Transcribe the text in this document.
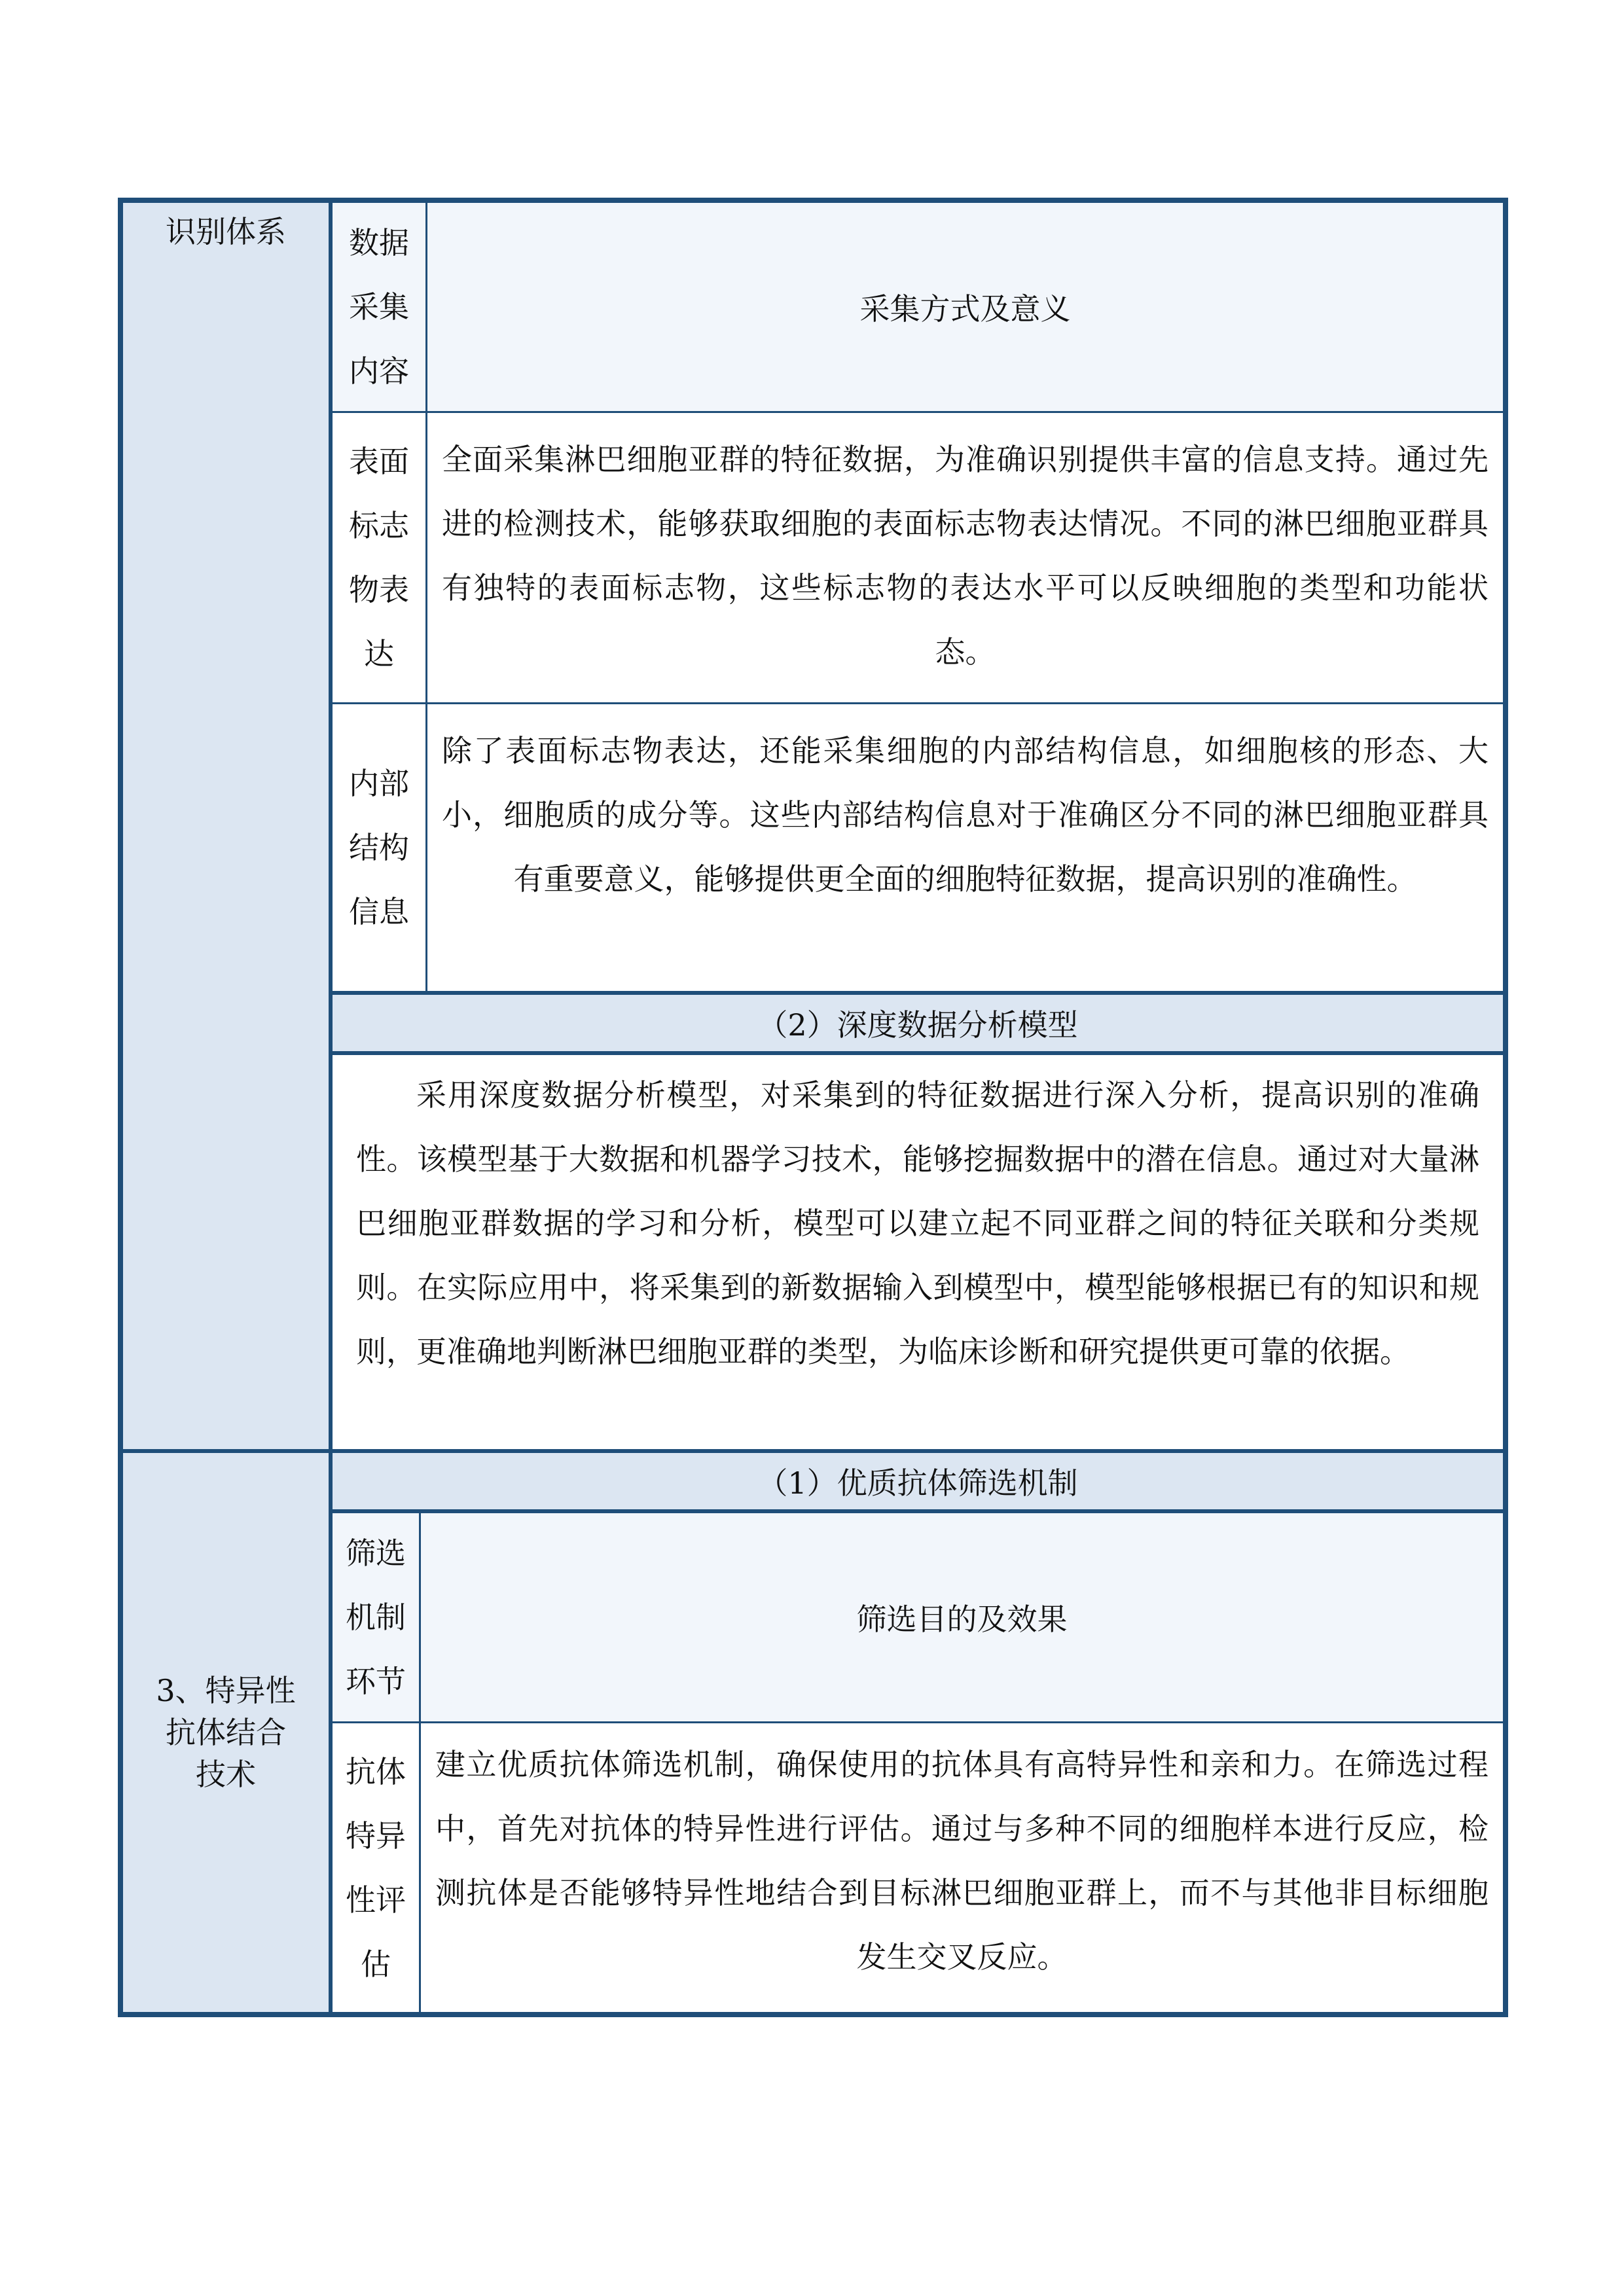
识别体系
3、特异性
抗体结合
技术
数据
采集
内容
采集方式及意义
表面
标志
物表
达
全面采集淋巴细胞亚群的特征数据，为准确识别提供丰富的信息支持。通过先进的检测技术，能够获取细胞的表面标志物表达情况。不同的淋巴细胞亚群具有独特的表面标志物，这些标志物的表达水平可以反映细胞的类型和功能状态。
内部
结构
信息
除了表面标志物表达，还能采集细胞的内部结构信息，如细胞核的形态、大小，细胞质的成分等。这些内部结构信息对于准确区分不同的淋巴细胞亚群具有重要意义，能够提供更全面的细胞特征数据，提高识别的准确性。
（2）深度数据分析模型
采用深度数据分析模型，对采集到的特征数据进行深入分析，提高识别的准确性。该模型基于大数据和机器学习技术，能够挖掘数据中的潜在信息。通过对大量淋巴细胞亚群数据的学习和分析，模型可以建立起不同亚群之间的特征关联和分类规则。在实际应用中，将采集到的新数据输入到模型中，模型能够根据已有的知识和规则，更准确地判断淋巴细胞亚群的类型，为临床诊断和研究提供更可靠的依据。
（1）优质抗体筛选机制
筛选
机制
环节
筛选目的及效果
抗体
特异
性评
估
建立优质抗体筛选机制，确保使用的抗体具有高特异性和亲和力。在筛选过程中，首先对抗体的特异性进行评估。通过与多种不同的细胞样本进行反应，检测抗体是否能够特异性地结合到目标淋巴细胞亚群上，而不与其他非目标细胞发生交叉反应。
